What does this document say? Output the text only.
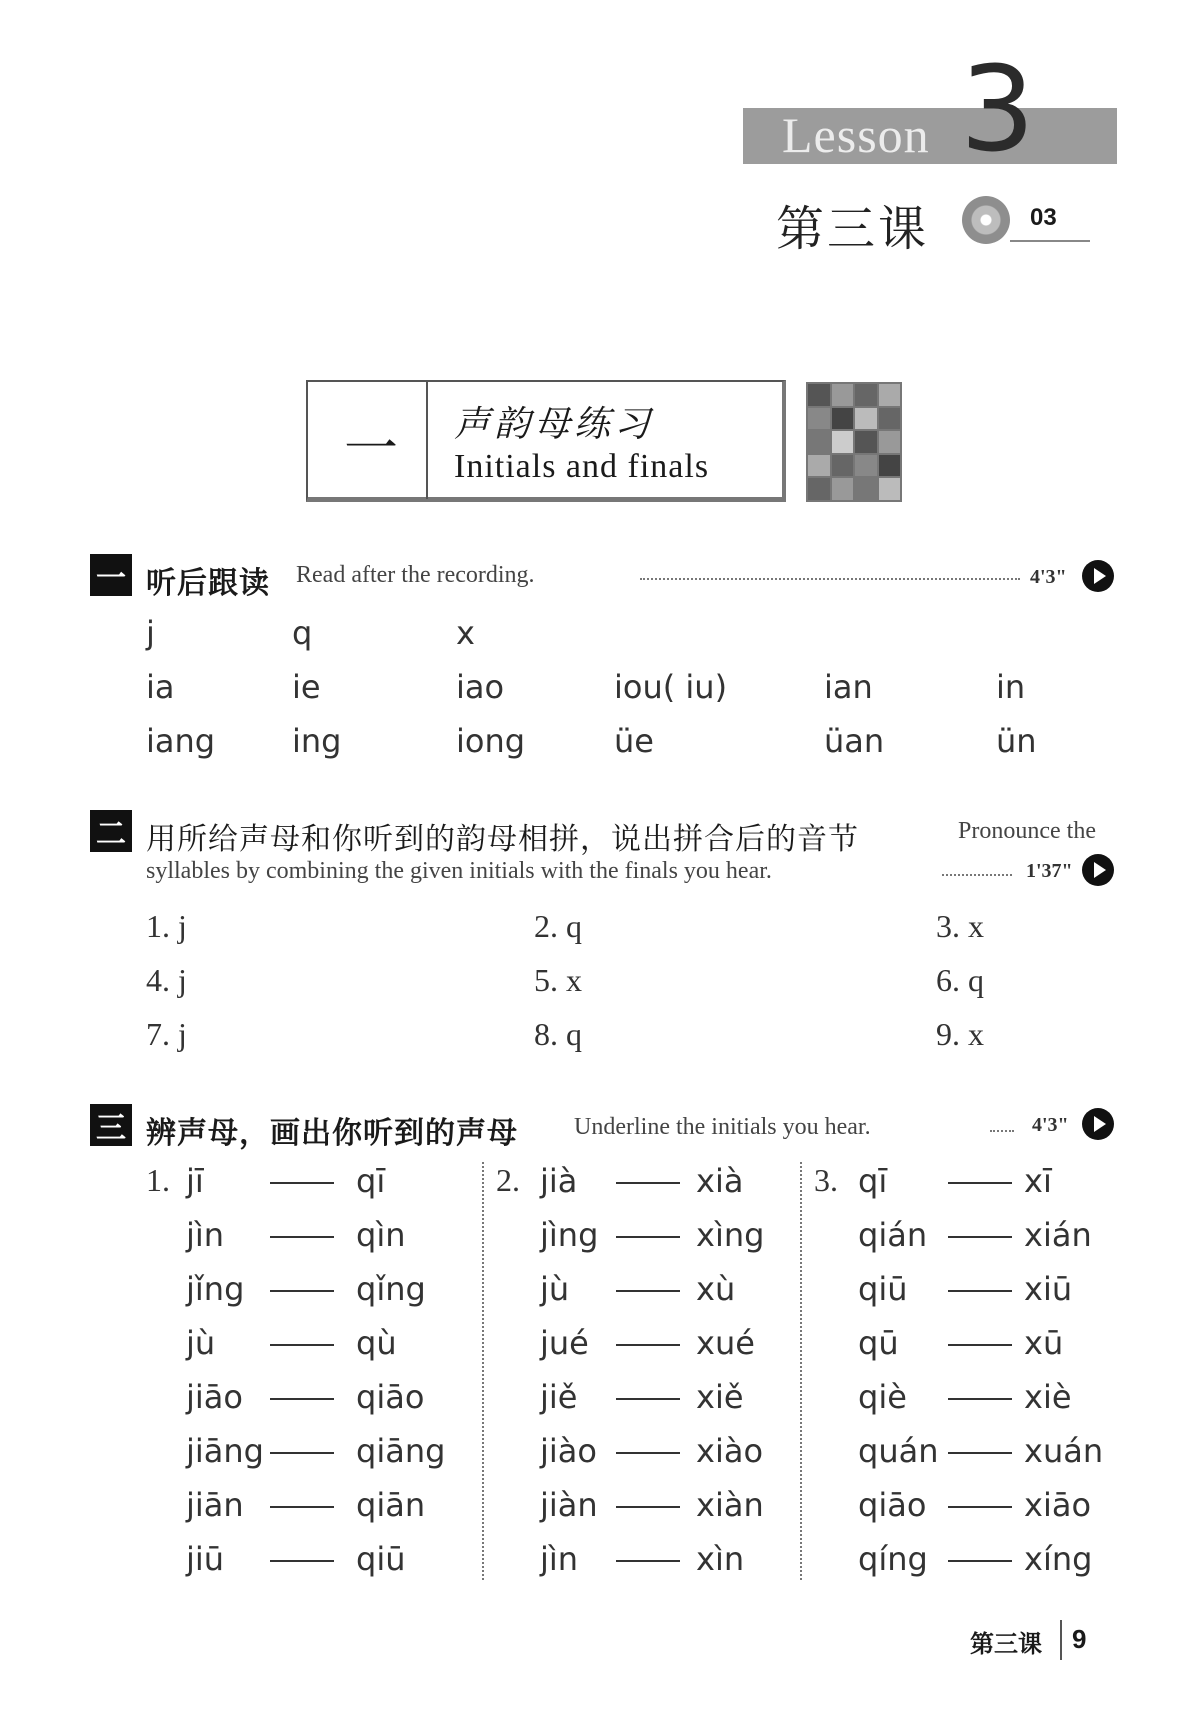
Lesson 3
第三课	03
一 声韵母练习
Initials and finals
一 听后跟读 Read after the recording.	4'3"
j	q	x
ia	ie	iao	iou( iu)	ian	in
iang ing	iong	üe	üan	ün
二 用所给声母和你听到的韵母相拼，说出拼合后的音节	Pronounce the
syllables by combining the given initials with the finals you hear.	1'37"
1. j	2. q	3. x
4. j	5. x	6. q
7. j	8. q	9. x
三 辨声母，画出你听到的声母 Underline the initials you hear.	4'3"
1. jī	qī
jìn	qìn
jǐng	qǐng
jù	qù
jiāo	qiāo
jiāng	qiāng
jiān	qiān
jiū	qiū
2. jià	xià
jìng	xìng
jù	xù
jué	xué
jiě	xiě
jiào	xiào
jiàn	xiàn
jìn	xìn
3. qī	xī
qián	xián
qiū	xiū
qū	xū
qiè	xiè
quán	xuán
qiāo	xiāo
qíng	xíng
第三课 9
